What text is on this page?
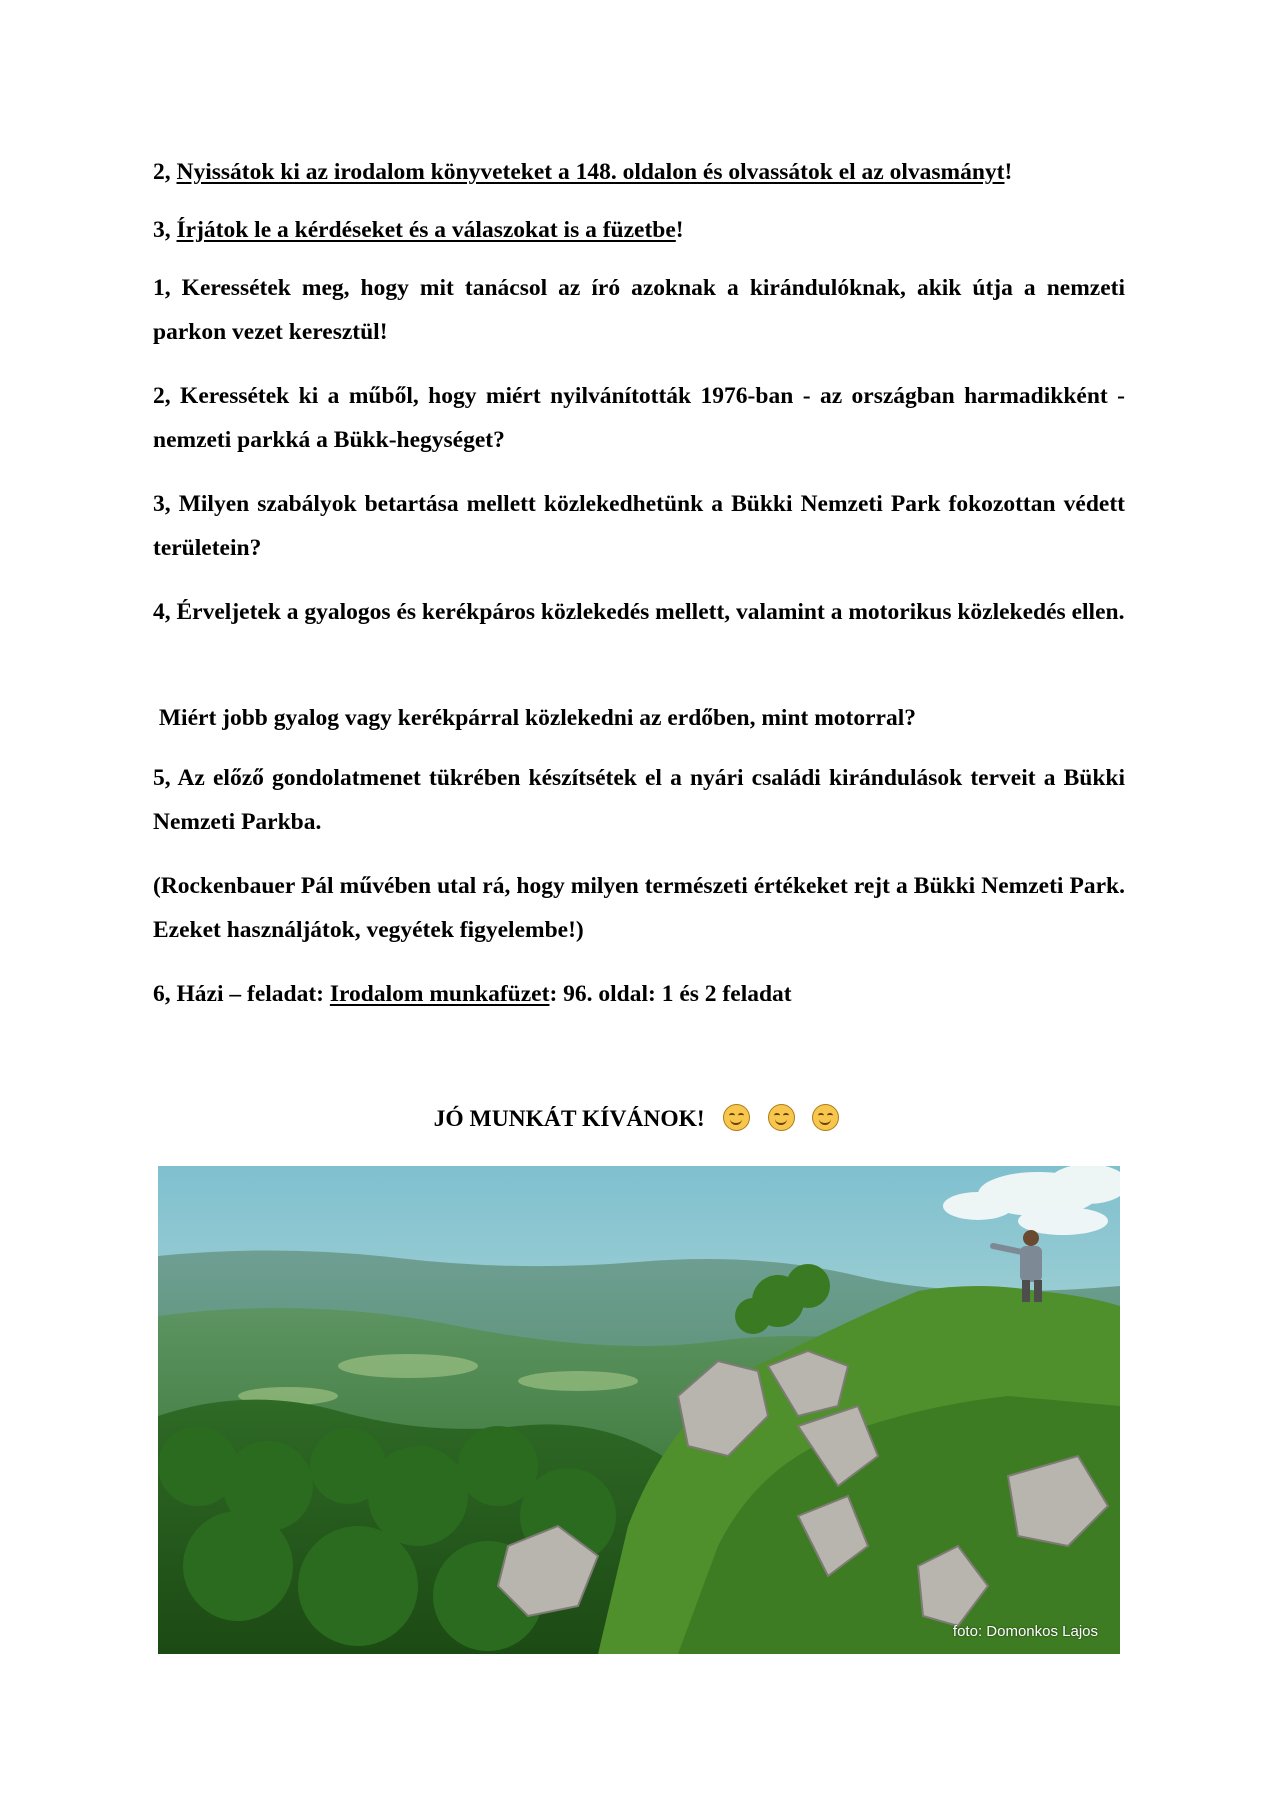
2, Nyissátok ki az irodalom könyveteket a 148. oldalon és olvassátok el az olvasmányt!

3, Írjátok le a kérdéseket és a válaszokat is a füzetbe!

1, Keressétek meg, hogy mit tanácsol az író azoknak a kirándulóknak, akik útja a nemzeti parkon vezet keresztül!

2, Keressétek ki a műből, hogy miért nyilvánították 1976-ban - az országban harmadikként - nemzeti parkká a Bükk-hegységet?

3, Milyen szabályok betartása mellett közlekedhetünk a Bükki Nemzeti Park fokozottan védett területein?

4, Érveljetek a gyalogos és kerékpáros közlekedés mellett, valamint a motorikus közlekedés ellen.

Miért jobb gyalog vagy kerékpárral közlekedni az erdőben, mint motorral?

5, Az előző gondolatmenet tükrében készítsétek el a nyári családi kirándulások terveit a Bükki Nemzeti Parkba.

(Rockenbauer Pál művében utal rá, hogy milyen természeti értékeket rejt a Bükki Nemzeti Park. Ezeket használjátok, vegyétek figyelembe!)

6, Házi – feladat: Irodalom munkafüzet: 96. oldal: 1 és 2 feladat

JÓ MUNKÁT KÍVÁNOK!

foto: Domonkos Lajos
